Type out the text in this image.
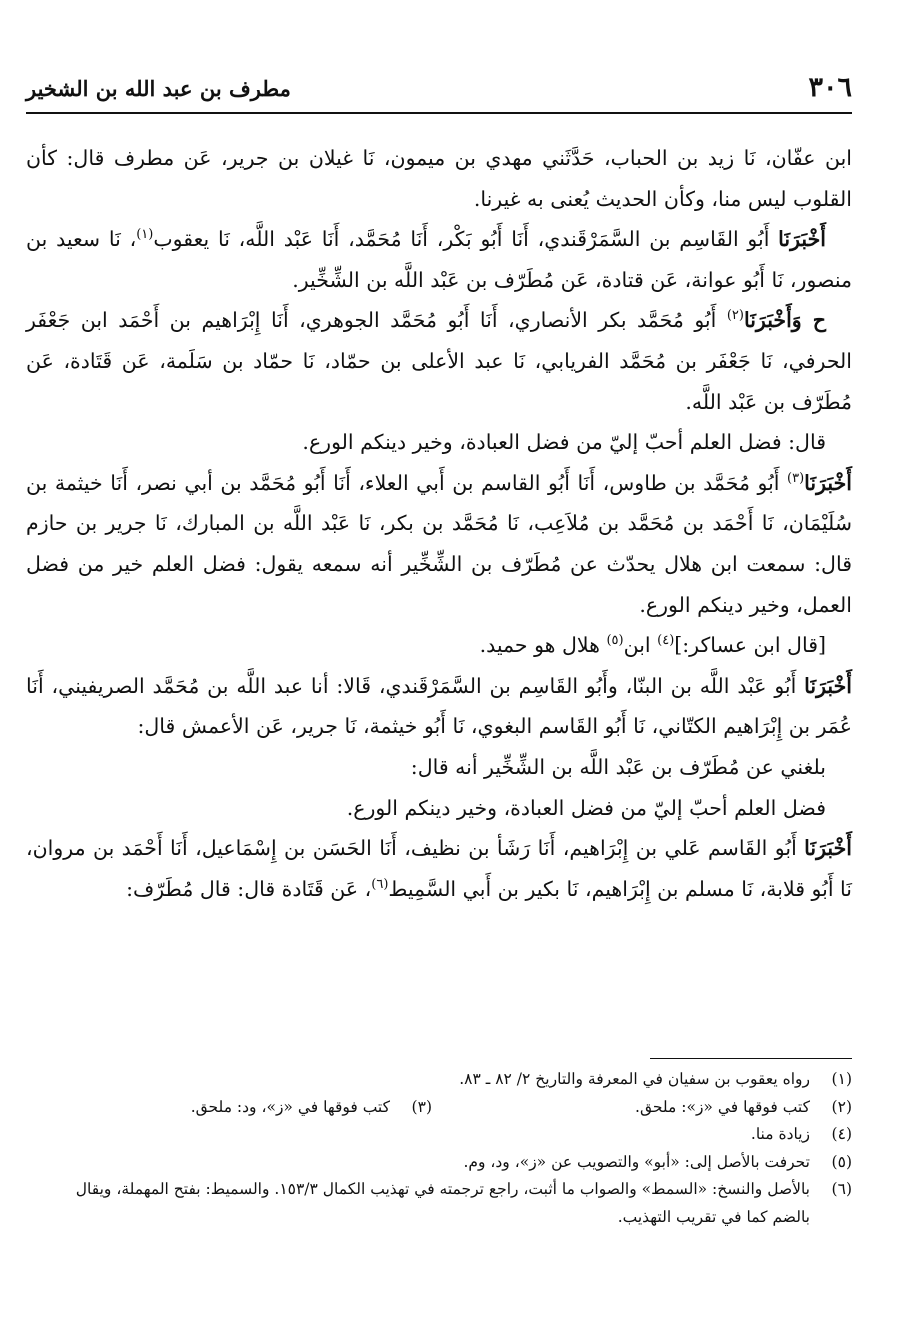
٣٠٦
مطرف بن عبد الله بن الشخير

ابن عفّان، نَا زيد بن الحباب، حَدَّثَني مهدي بن ميمون، نَا غيلان بن جرير، عَن مطرف قال: كأن القلوب ليس منا، وكأن الحديث يُعنى به غيرنا.

أَخْبَرَنَا أَبُو القَاسِم بن السَّمَرْقَندي، أَنَا أَبُو بَكْر، أَنَا مُحَمَّد، أَنَا عَبْد اللَّه، نَا يعقوب$^{(١)}$، نَا سعيد بن منصور، نَا أَبُو عوانة، عَن قتادة، عَن مُطَرّف بن عَبْد اللَّه بن الشِّخِّير.

ح وَأَخْبَرَنَا$^{(٢)}$ أَبُو مُحَمَّد بكر الأنصاري، أَنَا أَبُو مُحَمَّد الجوهري، أَنَا إِبْرَاهيم بن أَحْمَد ابن جَعْفَر الحرفي، نَا جَعْفَر بن مُحَمَّد الفريابي، نَا عبد الأعلى بن حمّاد، نَا حمّاد بن سَلَمة، عَن قَتَادة، عَن مُطَرّف بن عَبْد اللَّه.

قال: فضل العلم أحبّ إليّ من فضل العبادة، وخير دينكم الورع.

أَخْبَرَنَا$^{(٣)}$ أَبُو مُحَمَّد بن طاوس، أَنَا أَبُو القاسم بن أَبي العلاء، أَنَا أَبُو مُحَمَّد بن أبي نصر، أَنَا خيثمة بن سُلَيْمَان، نَا أَحْمَد بن مُحَمَّد بن مُلاَعِب، نَا مُحَمَّد بن بكر، نَا عَبْد اللَّه بن المبارك، نَا جرير بن حازم قال: سمعت ابن هلال يحدّث عن مُطَرّف بن الشِّخِّير أنه سمعه يقول: فضل العلم خير من فضل العمل، وخير دينكم الورع.

[قال ابن عساكر:]$^{(٤)}$ ابن$^{(٥)}$ هلال هو حميد.

أَخْبَرَنَا أَبُو عَبْد اللَّه بن البنّا، وأَبُو القَاسِم بن السَّمَرْقَندي، قَالا: أنا عبد اللَّه بن مُحَمَّد الصريفيني، أَنَا عُمَر بن إِبْرَاهيم الكتّاني، نَا أَبُو القَاسم البغوي، نَا أَبُو خيثمة، نَا جرير، عَن الأعمش قال:

بلغني عن مُطَرّف بن عَبْد اللَّه بن الشِّخِّير أنه قال:

فضل العلم أحبّ إليّ من فضل العبادة، وخير دينكم الورع.

أَخْبَرَنَا أَبُو القَاسم عَلي بن إِبْرَاهيم، أَنَا رَشَأ بن نظيف، أَنَا الحَسَن بن إِسْمَاعيل، أَنَا أَحْمَد بن مروان، نَا أَبُو قلابة، نَا مسلم بن إِبْرَاهيم، نَا بكير بن أَبي السَّمِيط$^{(٦)}$، عَن قَتَادة قال: قال مُطَرّف:

(١)
رواه يعقوب بن سفيان في المعرفة والتاريخ ٢/ ٨٢ ـ ٨٣.

(٢)
كتب فوقها في «ز»: ملحق.

(٣)
كتب فوقها في «ز»، ود: ملحق.

(٤)
زيادة منا.

(٥)
تحرفت بالأصل إلى: «أبو» والتصويب عن «ز»، ود، وم.

(٦)
بالأصل والنسخ: «السمط» والصواب ما أثبت، راجع ترجمته في تهذيب الكمال ١٥٣/٣. والسميط: بفتح المهملة، ويقال بالضم كما في تقريب التهذيب.
